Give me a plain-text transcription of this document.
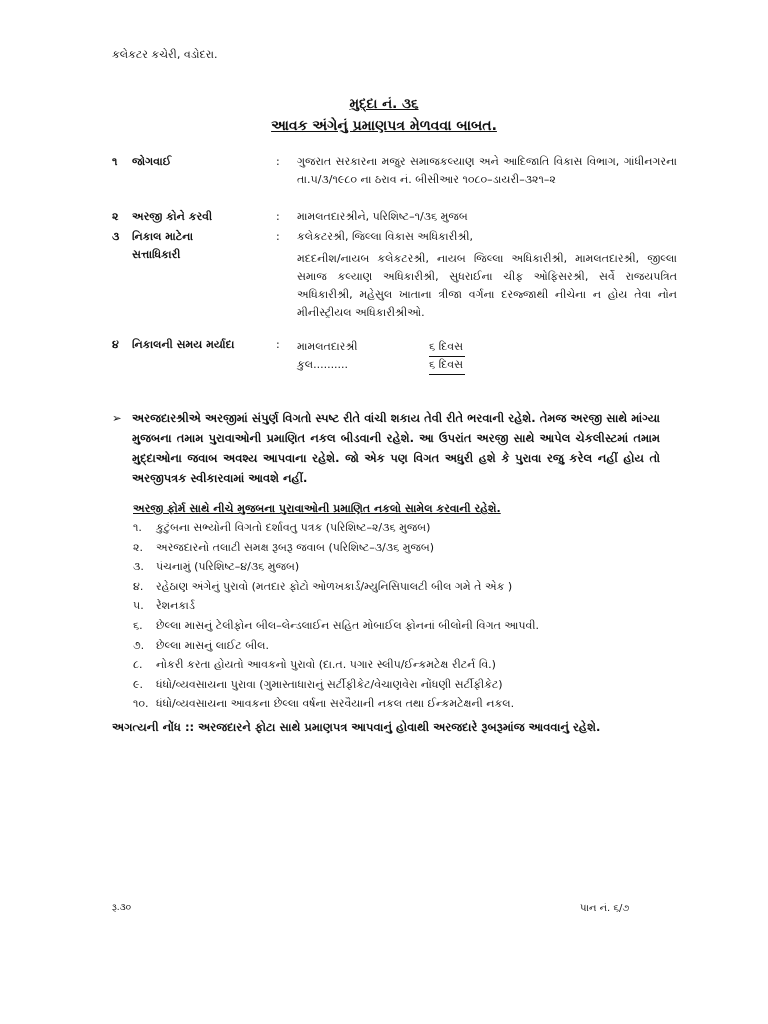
કલેકટર કચેરી, વડોદરા.
મુદ્દા નં. ૩૬
આવક અંગેનું પ્રમાણપત્ર મેળવવા બાબત.
૧ જોગવાઈ	: ગુજરાત સરકારના મજુર સમાજકલ્યાણ અને આદિજાતિ વિકાસ વિભાગ, ગાંધીનગરના તા.૫/૩/૧૯૮૦ ના ઠરાવ નં. બીસીઆર ૧૦૮૦–ડાયરી–૩૨૧–૨
૨ અરજી કોને કરવી	: મામલતદારશ્રીને, પરિશિષ્ટ–૧/૩૬ મુજબ
૩ નિકાલ માટેના
સત્તાધિકારી
: કલેકટરશ્રી, જિલ્લા વિકાસ અધિકારીશ્રી,
મદદનીશ/નાયબ કલેકટરશ્રી, નાયબ જિલ્લા અધિકારીશ્રી, મામલતદારશ્રી, જીલ્લા સમાજ કલ્યાણ અધિકારીશ્રી, સુધરાઈના ચીફ ઓફિસરશ્રી, સર્વે રાજયપત્રિત અધિકારીશ્રી, મહેસુલ ખાતાના ત્રીજા વર્ગના દરજ્જાથી નીચેના ન હોય તેવા નોન મીનીસ્ટ્રીયલ અધિકારીશ્રીઓ.
૪ નિકાલની સમય મર્યાદા	: મામલતદારશ્રી	૬ દિવસ
કુલ..........	૬ દિવસ
➢ અરજદારશ્રીએ અરજીમાં સંપુર્ણ વિગતો સ્પષ્ટ રીતે વાંચી શકાય તેવી રીતે ભરવાની રહેશે. તેમજ અરજી સાથે માંગ્યા મુજબના તમામ પુરાવાઓની પ્રમાણિત નકલ બીડવાની રહેશે. આ ઉપરાંત અરજી સાથે આપેલ ચેકલીસ્ટમાં તમામ મુદ્દાઓના જવાબ અવશ્ય આપવાના રહેશે. જો એક પણ વિગત અધુરી હશે કે પુરાવા રજુ કરેલ નહીં હોય તો અરજીપત્રક સ્વીકારવામાં આવશે નહીં.
અરજી ફોર્મ સાથે નીચે મુજબના પુરાવાઓની પ્રમાણિત નકલો સામેલ કરવાની રહેશે.
૧. કુટુંબના સભ્યોની વિગતો દર્શાવતુ પત્રક (પરિશિષ્ટ–૨/૩૬ મુજબ)
૨. અરજદારનો તલાટી સમક્ષ રૂબરૂ જવાબ (પરિશિષ્ટ–૩/૩૬ મુજબ)
૩. પંચનામું (પરિશિષ્ટ–૪/૩૬ મુજબ)
૪. રહેઠાણ અંગેનું પુરાવો (મતદાર ફોટો ઓળખકાર્ડ/મ્યુનિસિપાલટી બીલ ગમે તે એક )
૫. રેશનકાર્ડ
૬. છેલ્લા માસનું ટેલીફોન બીલ–લેન્ડલાઈન સહિત મોબાઈલ ફોનનાં બીલોની વિગત આપવી.
૭. છેલ્લા માસનું લાઈટ બીલ.
૮. નોકરી કરતા હોયતો આવકનો પુરાવો (દા.ત. પગાર સ્લીપ/ઈન્કમટેક્ષ રીટર્ન વિ.)
૯. ધંધો/વ્યવસાયના પુરાવા (ગુમાસ્તાધારાનું સર્ટીફીકેટ/વેચાણવેરા નોંધણી સર્ટીફીકેટ)
૧૦. ધંધો/વ્યવસાયના આવકના છેલ્લા વર્ષના સરવૈયાની નકલ તથા ઈન્કમટેક્ષની નકલ.
અગત્યની નોંધ :: અરજદારને ફોટા સાથે પ્રમાણપત્ર આપવાનું હોવાથી અરજદારે રૂબરૂમાંજ આવવાનું રહેશે.
રૂ.૩૦	પાન નં. ૬/૭
